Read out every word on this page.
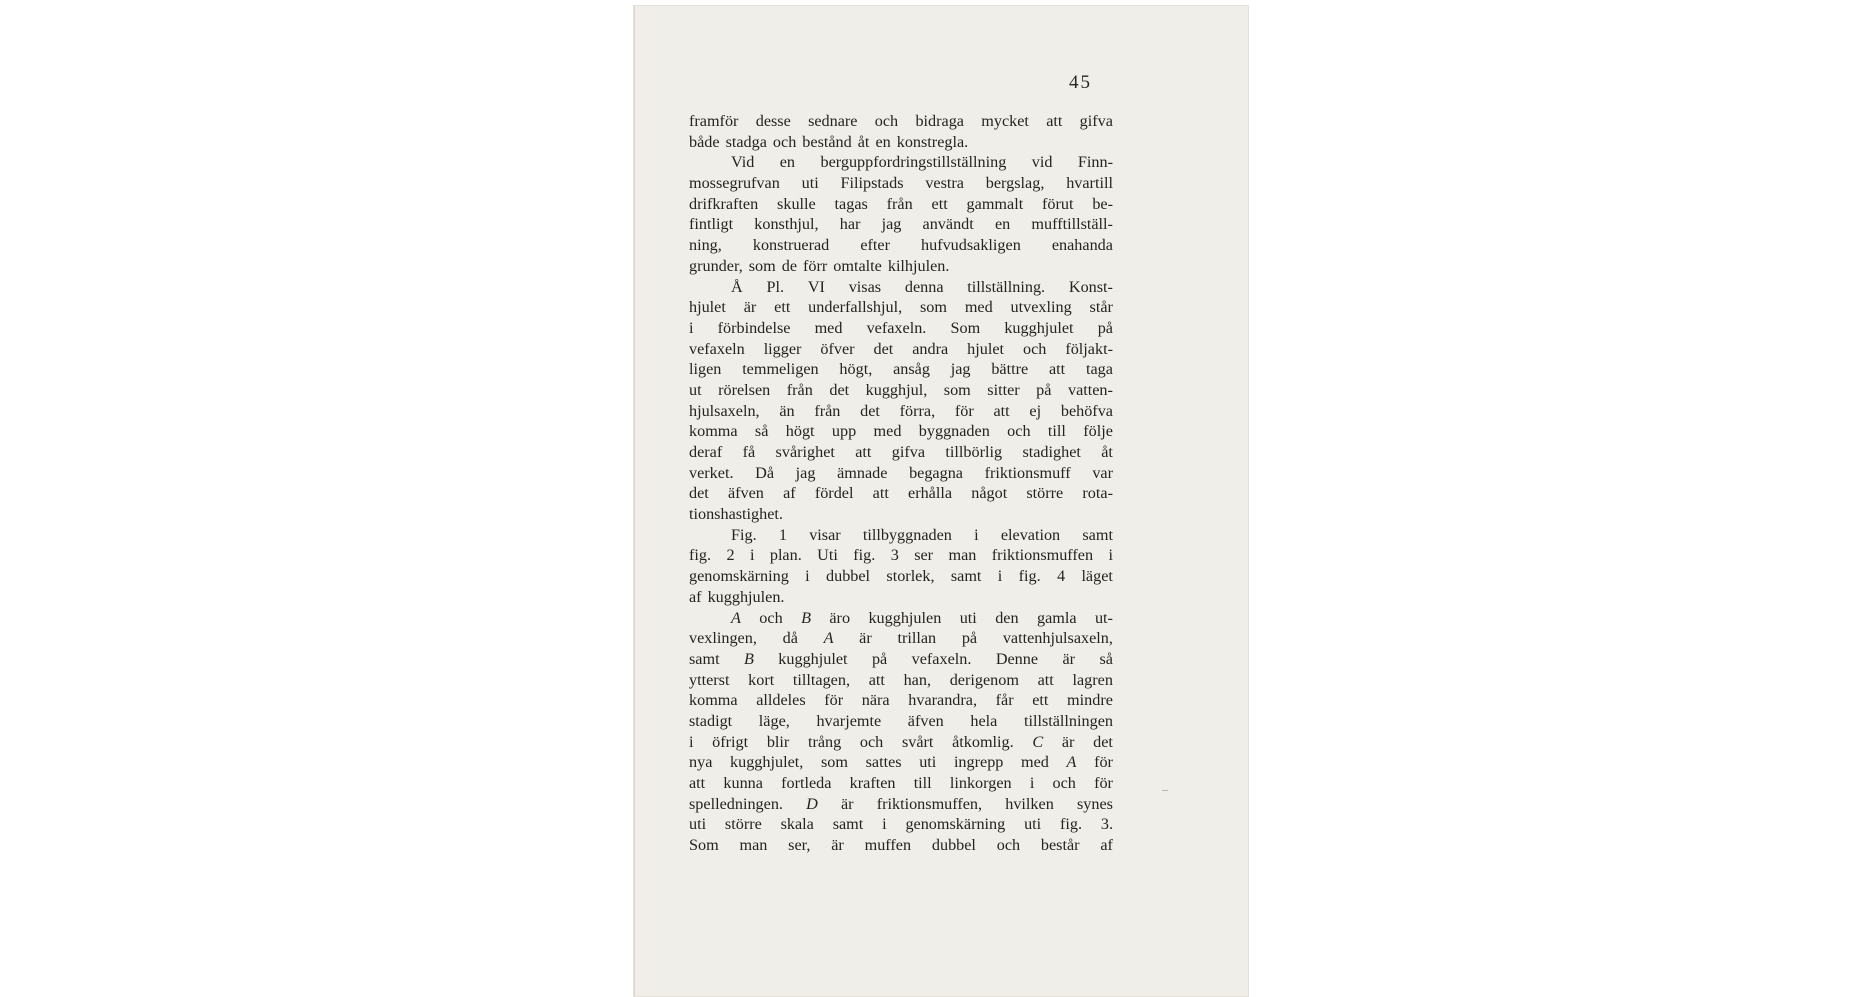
45
framför desse sednare och bidraga mycket att gifva
både stadga och bestånd åt en konstregla.
Vid en berguppfordringstillställning vid Finn-
mossegrufvan uti Filipstads vestra bergslag, hvartill
drifkraften skulle tagas från ett gammalt förut be-
fintligt konsthjul, har jag användt en mufftillställ-
ning, konstruerad efter hufvudsakligen enahanda
grunder, som de förr omtalte kilhjulen.
Å Pl. VI visas denna tillställning. Konst-
hjulet är ett underfallshjul, som med utvexling står
i förbindelse med vefaxeln. Som kugghjulet på
vefaxeln ligger öfver det andra hjulet och följakt-
ligen temmeligen högt, ansåg jag bättre att taga
ut rörelsen från det kugghjul, som sitter på vatten-
hjulsaxeln, än från det förra, för att ej behöfva
komma så högt upp med byggnaden och till följe
deraf få svårighet att gifva tillbörlig stadighet åt
verket. Då jag ämnade begagna friktionsmuff var
det äfven af fördel att erhålla något större rota-
tionshastighet.
Fig. 1 visar tillbyggnaden i elevation samt
fig. 2 i plan. Uti fig. 3 ser man friktionsmuffen i
genomskärning i dubbel storlek, samt i fig. 4 läget
af kugghjulen.
A och B äro kugghjulen uti den gamla ut-
vexlingen, då A är trillan på vattenhjulsaxeln,
samt B kugghjulet på vefaxeln. Denne är så
ytterst kort tilltagen, att han, derigenom att lagren
komma alldeles för nära hvarandra, får ett mindre
stadigt läge, hvarjemte äfven hela tillställningen
i öfrigt blir trång och svårt åtkomlig. C är det
nya kugghjulet, som sattes uti ingrepp med A för
att kunna fortleda kraften till linkorgen i och för
spelledningen. D är friktionsmuffen, hvilken synes
uti större skala samt i genomskärning uti fig. 3.
Som man ser, är muffen dubbel och består af
